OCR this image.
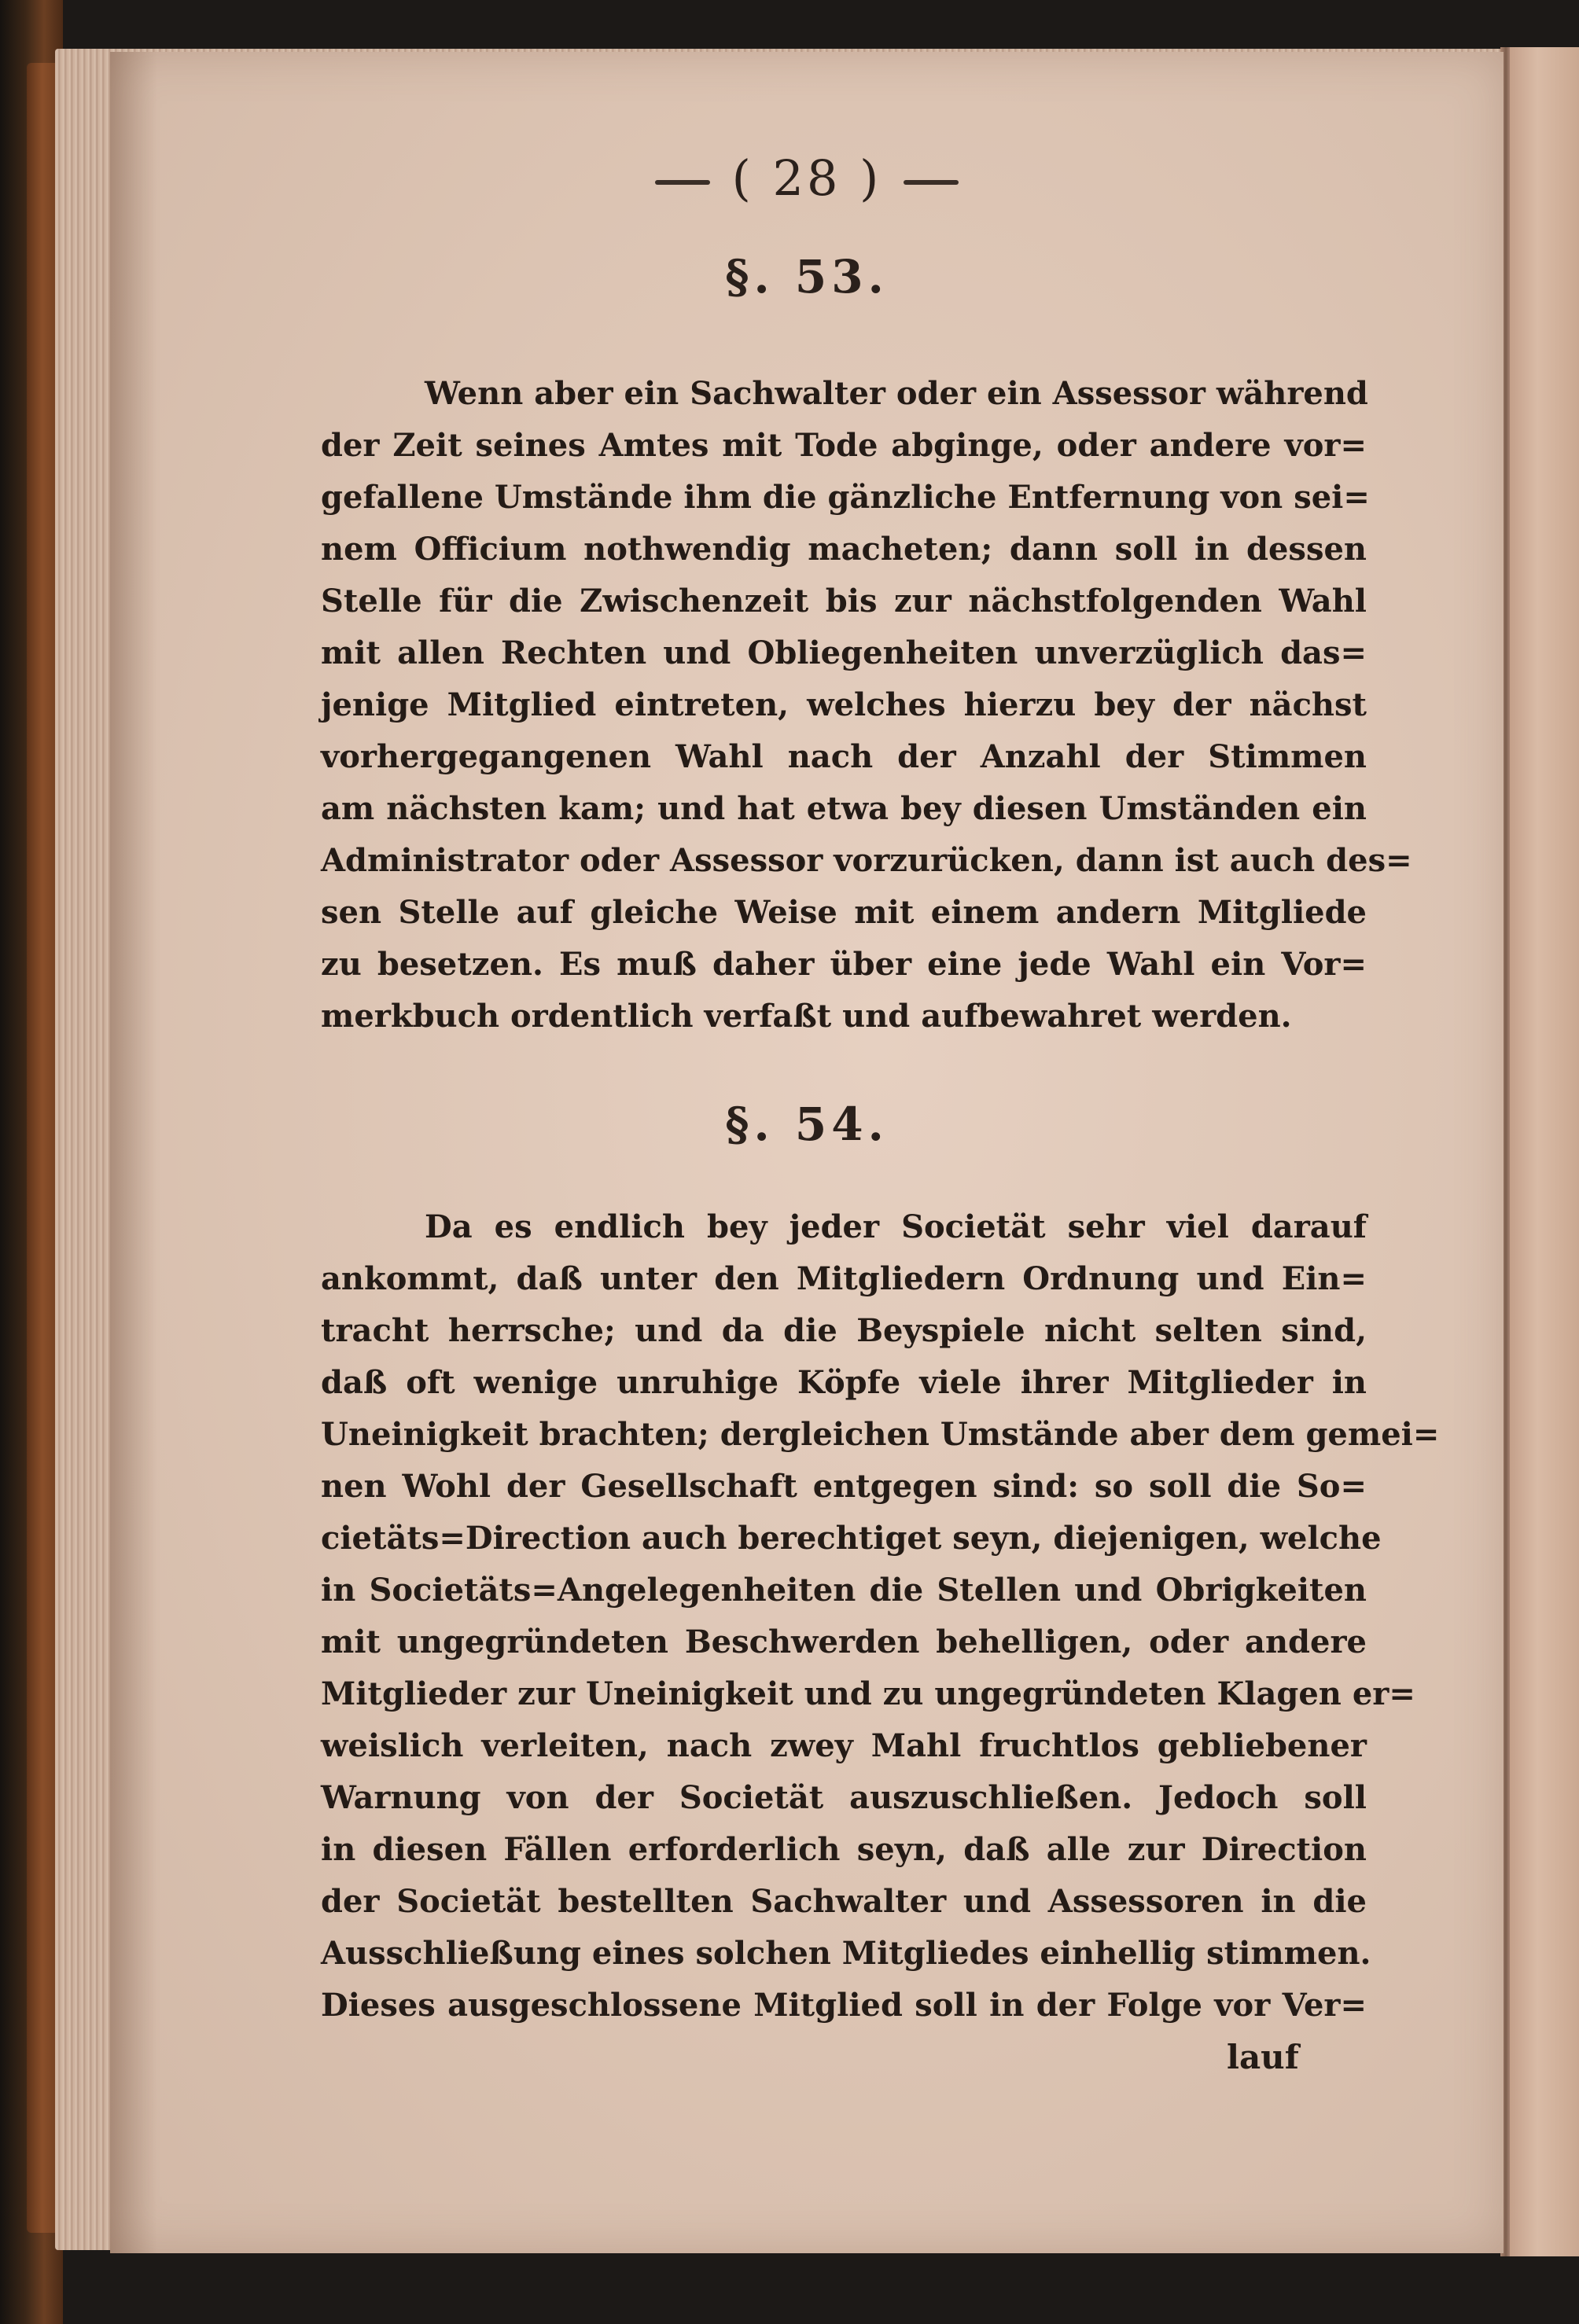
( 28 )
§. 53.
Wenn aber ein Sachwalter oder ein Assessor während
der Zeit seines Amtes mit Tode abginge, oder andere vor=
gefallene Umstände ihm die gänzliche Entfernung von sei=
nem Officium nothwendig macheten; dann soll in dessen
Stelle für die Zwischenzeit bis zur nächstfolgenden Wahl
mit allen Rechten und Obliegenheiten unverzüglich das=
jenige Mitglied eintreten, welches hierzu bey der nächst
vorhergegangenen Wahl nach der Anzahl der Stimmen
am nächsten kam; und hat etwa bey diesen Umständen ein
Administrator oder Assessor vorzurücken, dann ist auch des=
sen Stelle auf gleiche Weise mit einem andern Mitgliede
zu besetzen. Es muß daher über eine jede Wahl ein Vor=
merkbuch ordentlich verfaßt und aufbewahret werden.
§. 54.
Da es endlich bey jeder Societät sehr viel darauf
ankommt, daß unter den Mitgliedern Ordnung und Ein=
tracht herrsche; und da die Beyspiele nicht selten sind,
daß oft wenige unruhige Köpfe viele ihrer Mitglieder in
Uneinigkeit brachten; dergleichen Umstände aber dem gemei=
nen Wohl der Gesellschaft entgegen sind: so soll die So=
cietäts=Direction auch berechtiget seyn, diejenigen, welche
in Societäts=Angelegenheiten die Stellen und Obrigkeiten
mit ungegründeten Beschwerden behelligen, oder andere
Mitglieder zur Uneinigkeit und zu ungegründeten Klagen er=
weislich verleiten, nach zwey Mahl fruchtlos gebliebener
Warnung von der Societät auszuschließen. Jedoch soll
in diesen Fällen erforderlich seyn, daß alle zur Direction
der Societät bestellten Sachwalter und Assessoren in die
Ausschließung eines solchen Mitgliedes einhellig stimmen.
Dieses ausgeschlossene Mitglied soll in der Folge vor Ver=
lauf
